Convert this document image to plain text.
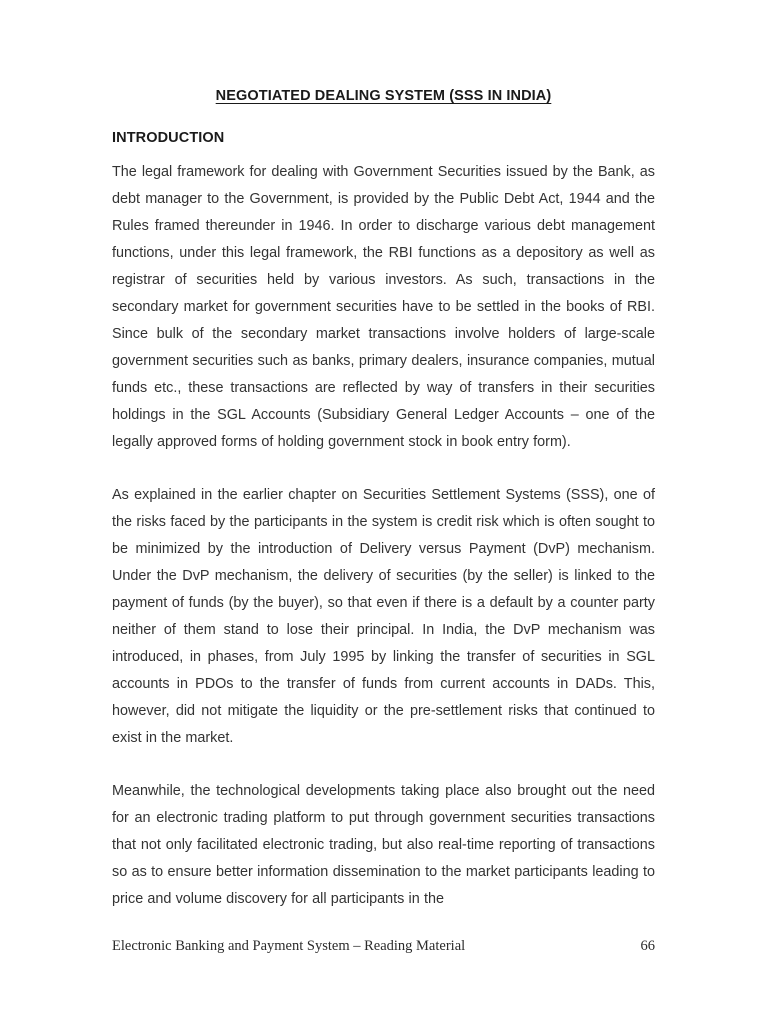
NEGOTIATED DEALING SYSTEM (SSS IN INDIA)
INTRODUCTION

The legal framework for dealing with Government Securities issued by the Bank, as debt manager to the Government, is provided by the Public Debt Act, 1944 and the Rules framed thereunder in 1946. In order to discharge various debt management functions, under this legal framework, the RBI functions as a depository as well as registrar of securities held by various investors. As such, transactions in the secondary market for government securities have to be settled in the books of RBI. Since bulk of the secondary market transactions involve holders of large-scale government securities such as banks, primary dealers, insurance companies, mutual funds etc., these transactions are reflected by way of transfers in their securities holdings in the SGL Accounts (Subsidiary General Ledger Accounts – one of the legally approved forms of holding government stock in book entry form).

As explained in the earlier chapter on Securities Settlement Systems (SSS), one of the risks faced by the participants in the system is credit risk which is often sought to be minimized by the introduction of Delivery versus Payment (DvP) mechanism. Under the DvP mechanism, the delivery of securities (by the seller) is linked to the payment of funds (by the buyer), so that even if there is a default by a counter party neither of them stand to lose their principal. In India, the DvP mechanism was introduced, in phases, from July 1995 by linking the transfer of securities in SGL accounts in PDOs to the transfer of funds from current accounts in DADs. This, however, did not mitigate the liquidity or the pre-settlement risks that continued to exist in the market.

Meanwhile, the technological developments taking place also brought out the need for an electronic trading platform to put through government securities transactions that not only facilitated electronic trading, but also real-time reporting of transactions so as to ensure better information dissemination to the market participants leading to price and volume discovery for all participants in the

Electronic Banking and Payment System – Reading Material	66
